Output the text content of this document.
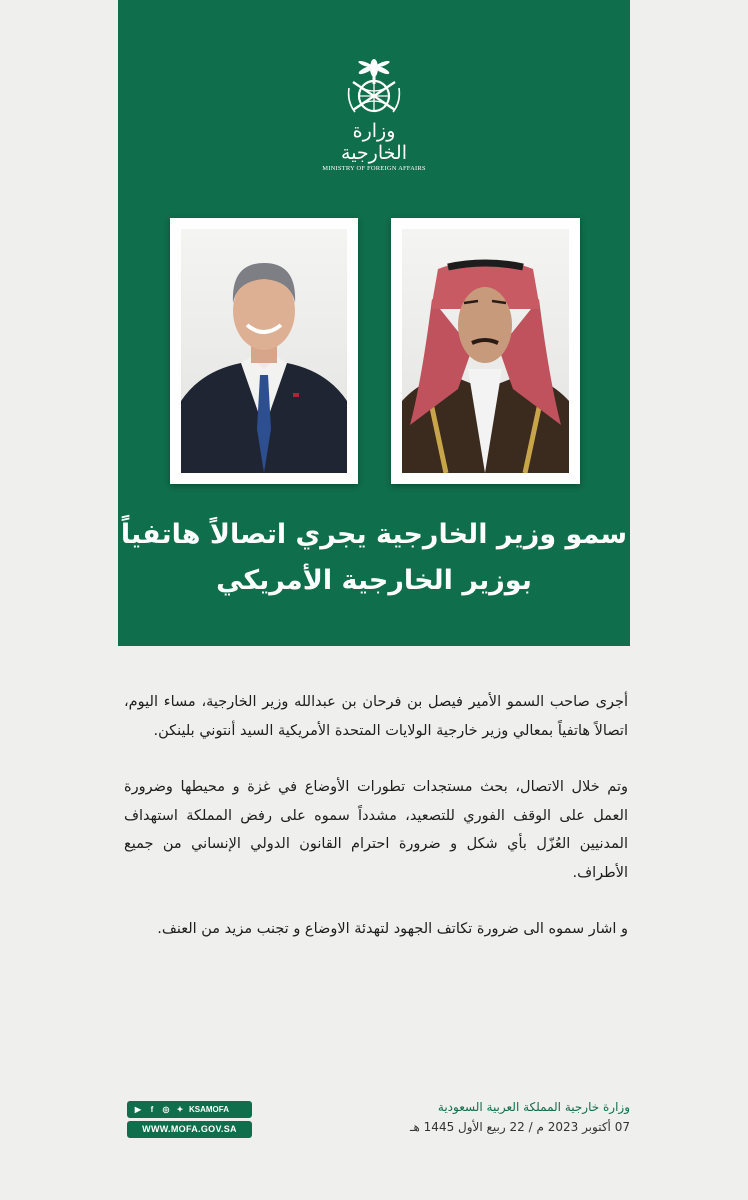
وزارة الخارجية
MINISTRY OF FOREIGN AFFAIRS
سمو وزير الخارجية يجري اتصالاً هاتفياً
بوزير الخارجية الأمريكي

أجرى صاحب السمو الأمير فيصل بن فرحان بن عبدالله وزير الخارجية، مساء اليوم، اتصالاً هاتفياً بمعالي وزير خارجية الولايات المتحدة الأمريكية السيد أنتوني بلينكن.

وتم خلال الاتصال، بحث مستجدات تطورات الأوضاع في غزة و محيطها وضرورة العمل على الوقف الفوري للتصعيد، مشدداً سموه على رفض المملكة استهداف المدنيين العُزّل بأي شكل و ضرورة احترام القانون الدولي الإنساني من جميع الأطراف.

و اشار سموه الى ضرورة تكاتف الجهود لتهدئة الاوضاع و تجنب مزيد من العنف.

▶	f	◎ ✦ KSAMOFA
WWW.MOFA.GOV.SA
وزارة خارجية المملكة العربية السعودية
07 أكتوبر 2023 م / 22 ربيع الأول 1445 هـ
